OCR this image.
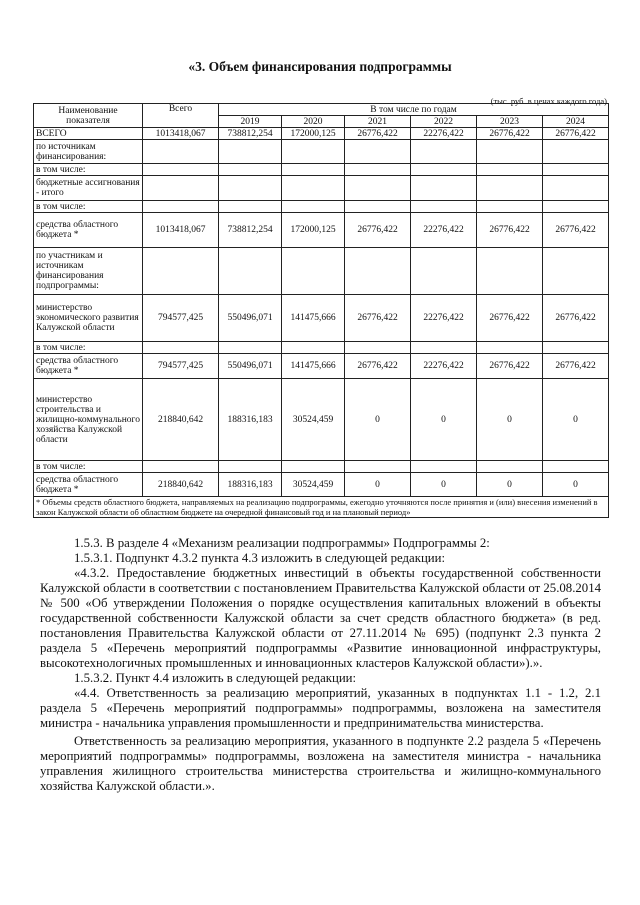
«3. Объем финансирования подпрограммы
(тыс. руб. в ценах каждого года)
Наименование показателя	Всего	В том числе по годам					
		2019	2020	2021	2022	2023	2024
ВСЕГО	1013418,067	738812,254	172000,125	26776,422	22276,422	26776,422	26776,422
по источникам финансирования:							
в том числе:							
бюджетные ассигнования - итого							
в том числе:							
средства областного бюджета *	1013418,067	738812,254	172000,125	26776,422	22276,422	26776,422	26776,422
по участникам и источникам финансирования подпрограммы:							
министерство экономического развития Калужской области	794577,425	550496,071	141475,666	26776,422	22276,422	26776,422	26776,422
в том числе:							
средства областного бюджета *	794577,425	550496,071	141475,666	26776,422	22276,422	26776,422	26776,422
министерство строительства и жилищно-коммунального хозяйства Калужской области	218840,642	188316,183	30524,459	0	0	0	0
в том числе:							
средства областного бюджета *	218840,642	188316,183	30524,459	0	0	0	0
* Объемы средств областного бюджета, направляемых на реализацию подпрограммы, ежегодно уточняются после принятия и (или) внесения изменений в закон Калужской области об областном бюджете на очередной финансовый год и на плановый период»							

1.5.3. В разделе 4 «Механизм реализации подпрограммы» Подпрограммы 2:

1.5.3.1. Подпункт 4.3.2 пункта 4.3 изложить в следующей редакции:

«4.3.2. Предоставление бюджетных инвестиций в объекты государственной собственности Калужской области в соответствии с постановлением Правительства Калужской области от 25.08.2014 № 500 «Об утверждении Положения о порядке осуществления капитальных вложений в объекты государственной собственности Калужской области за счет средств областного бюджета» (в ред. постановления Правительства Калужской области от 27.11.2014 № 695) (подпункт 2.3 пункта 2 раздела 5 «Перечень мероприятий подпрограммы «Развитие инновационной инфраструктуры, высокотехнологичных промышленных и инновационных кластеров Калужской области»).».

1.5.3.2. Пункт 4.4 изложить в следующей редакции:

«4.4. Ответственность за реализацию мероприятий, указанных в подпунктах 1.1 - 1.2, 2.1 раздела 5 «Перечень мероприятий подпрограммы» подпрограммы, возложена на заместителя министра - начальника управления промышленности и предпринимательства министерства.

Ответственность за реализацию мероприятия, указанного в подпункте 2.2 раздела 5 «Перечень мероприятий подпрограммы» подпрограммы, возложена на заместителя министра - начальника управления жилищного строительства министерства строительства и жилищно-коммунального хозяйства Калужской области.».
